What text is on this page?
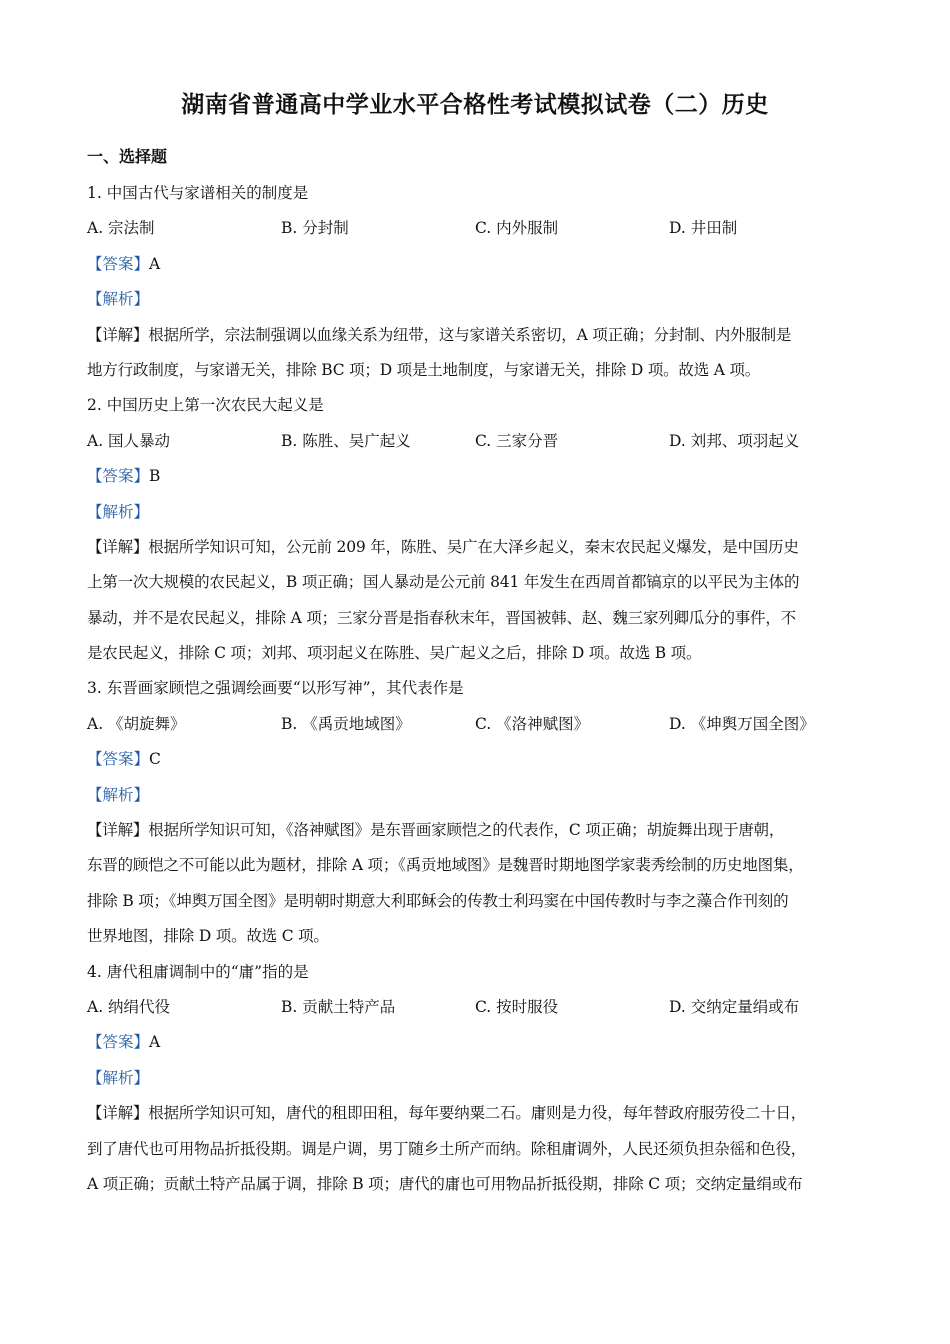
湖南省普通高中学业水平合格性考试模拟试卷（二）历史
一、选择题
1. 中国古代与家谱相关的制度是
A. 宗法制	B. 分封制	C. 内外服制	D. 井田制
【答案】A
【解析】
【详解】根据所学，宗法制强调以血缘关系为纽带，这与家谱关系密切，A 项正确；分封制、内外服制是
地方行政制度，与家谱无关，排除 BC 项；D 项是土地制度，与家谱无关，排除 D 项。故选 A 项。
2. 中国历史上第一次农民大起义是
A. 国人暴动	B. 陈胜、吴广起义	C. 三家分晋	D. 刘邦、项羽起义
【答案】B
【解析】
【详解】根据所学知识可知，公元前 209 年，陈胜、吴广在大泽乡起义，秦末农民起义爆发，是中国历史
上第一次大规模的农民起义，B 项正确；国人暴动是公元前 841 年发生在西周首都镐京的以平民为主体的
暴动，并不是农民起义，排除 A 项；三家分晋是指春秋末年，晋国被韩、赵、魏三家列卿瓜分的事件，不
是农民起义，排除 C 项；刘邦、项羽起义在陈胜、吴广起义之后，排除 D 项。故选 B 项。
3. 东晋画家顾恺之强调绘画要“以形写神”，其代表作是
A. 《胡旋舞》	B. 《禹贡地域图》	C. 《洛神赋图》	D. 《坤舆万国全图》
【答案】C
【解析】
【详解】根据所学知识可知，《洛神赋图》是东晋画家顾恺之的代表作，C 项正确；胡旋舞出现于唐朝，
东晋的顾恺之不可能以此为题材，排除 A 项；《禹贡地域图》是魏晋时期地图学家裴秀绘制的历史地图集，
排除 B 项；《坤舆万国全图》是明朝时期意大利耶稣会的传教士利玛窦在中国传教时与李之藻合作刊刻的
世界地图，排除 D 项。故选 C 项。
4. 唐代租庸调制中的“庸”指的是
A. 纳绢代役	B. 贡献土特产品	C. 按时服役	D. 交纳定量绢或布
【答案】A
【解析】
【详解】根据所学知识可知，唐代的租即田租，每年要纳粟二石。庸则是力役，每年替政府服劳役二十日，
到了唐代也可用物品折抵役期。调是户调，男丁随乡土所产而纳。除租庸调外，人民还须负担杂徭和色役，
A 项正确；贡献土特产品属于调，排除 B 项；唐代的庸也可用物品折抵役期，排除 C 项；交纳定量绢或布
